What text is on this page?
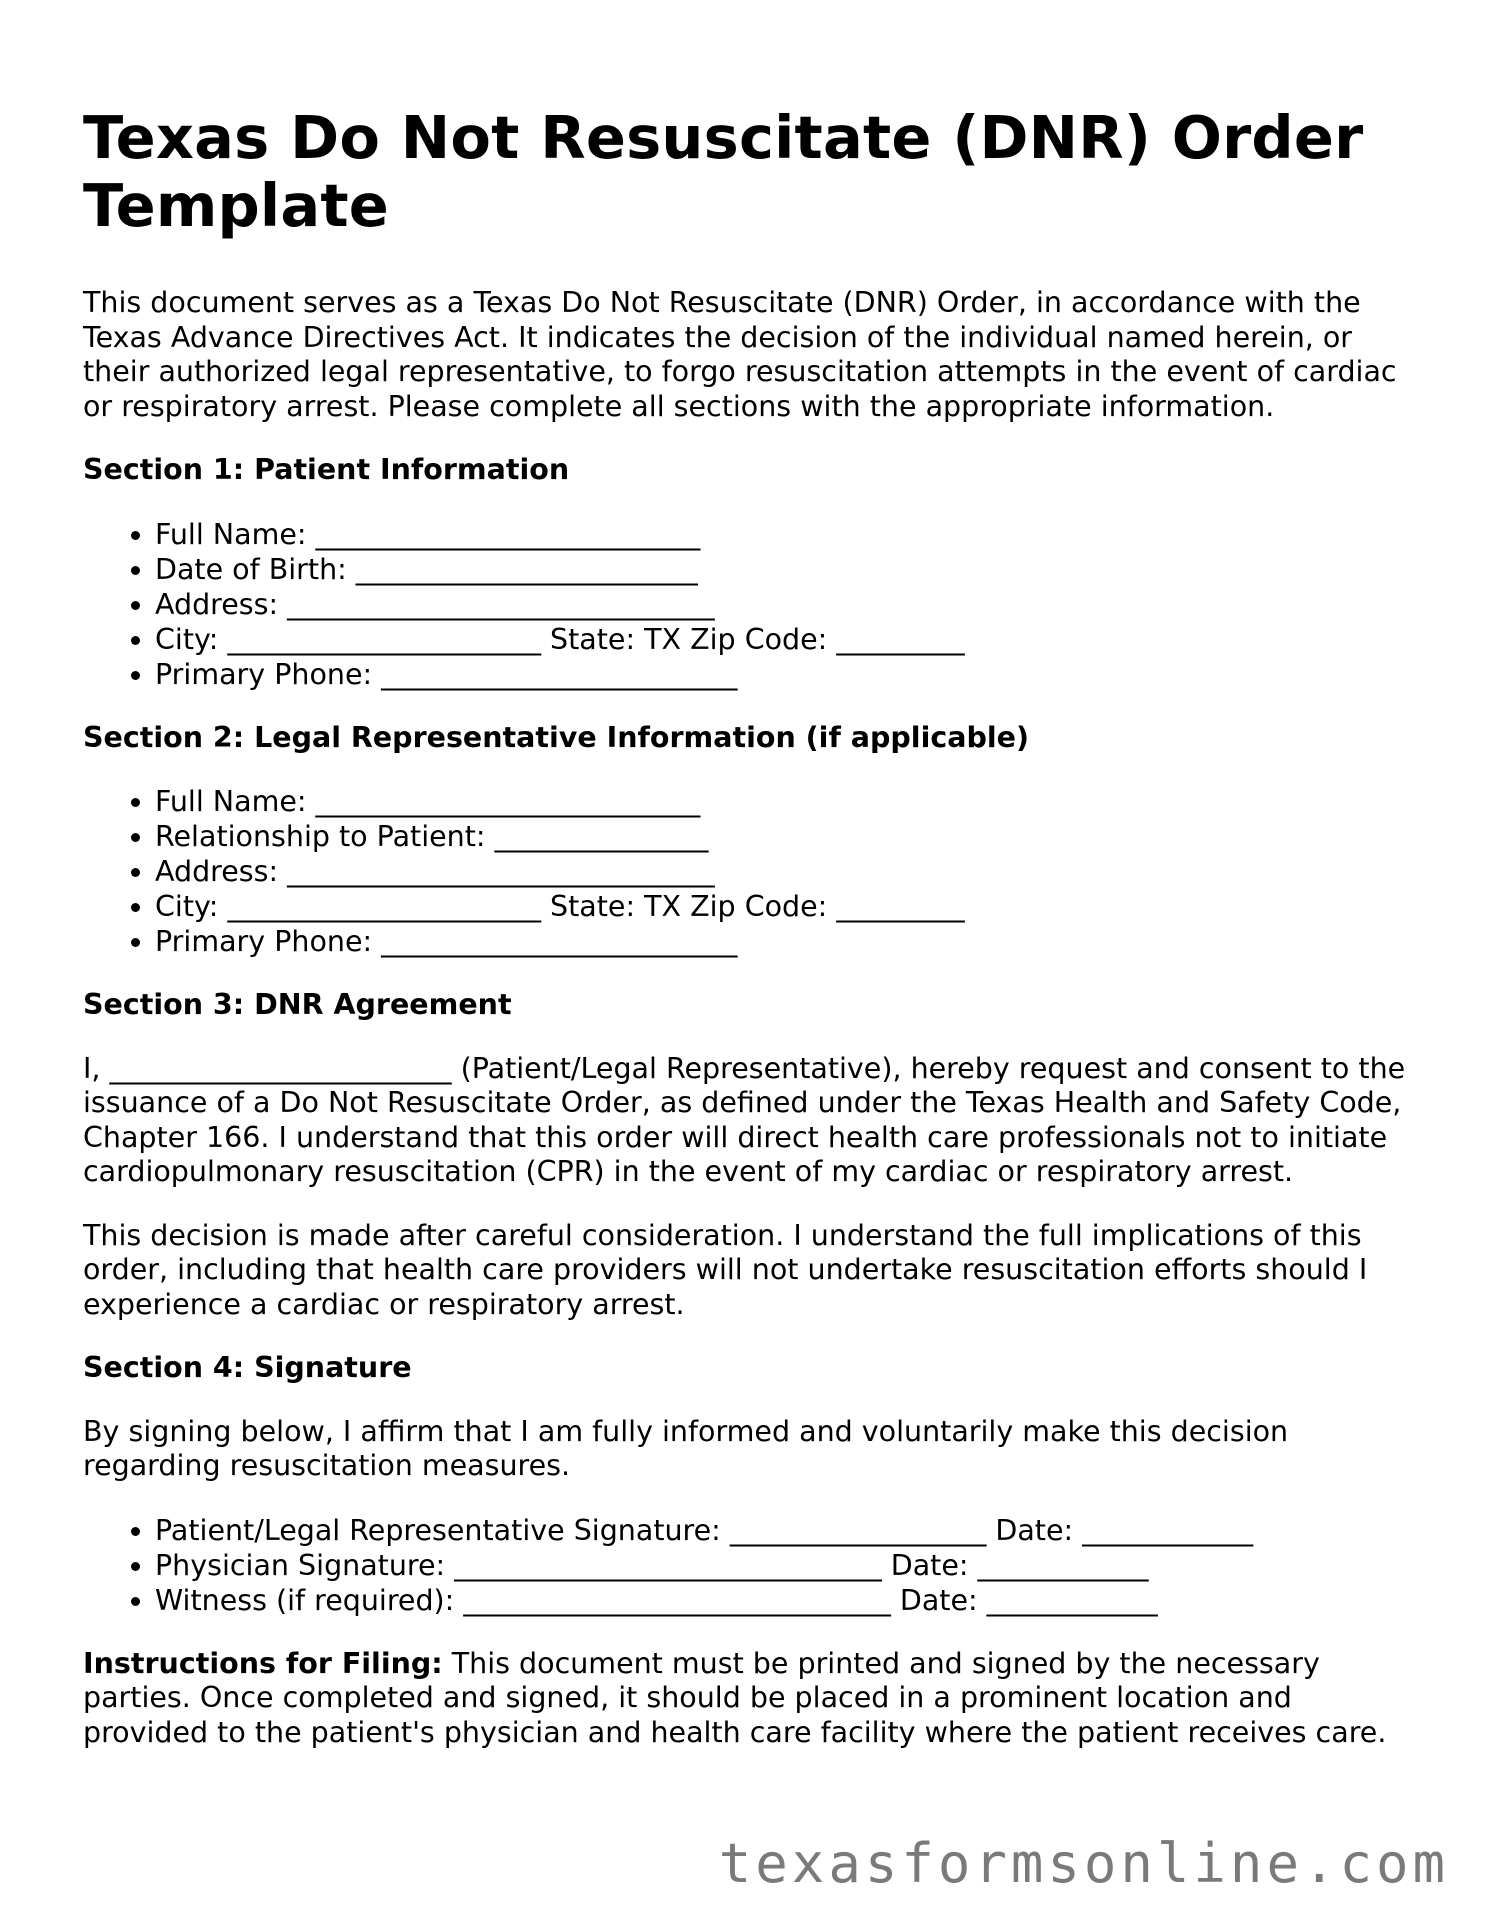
Texas Do Not Resuscitate (DNR) Order Template

This document serves as a Texas Do Not Resuscitate (DNR) Order, in accordance with the Texas Advance Directives Act. It indicates the decision of the individual named herein, or their authorized legal representative, to forgo resuscitation attempts in the event of cardiac or respiratory arrest. Please complete all sections with the appropriate information.

Section 1: Patient Information
• Full Name: ___________________________
• Date of Birth: ________________________
• Address: ______________________________
• City: ______________________ State: TX Zip Code: _________
• Primary Phone: _________________________
Section 2: Legal Representative Information (if applicable)
• Full Name: ___________________________
• Relationship to Patient: _______________
• Address: ______________________________
• City: ______________________ State: TX Zip Code: _________
• Primary Phone: _________________________
Section 3: DNR Agreement

I, ________________________ (Patient/Legal Representative), hereby request and consent to the issuance of a Do Not Resuscitate Order, as defined under the Texas Health and Safety Code, Chapter 166. I understand that this order will direct health care professionals not to initiate cardiopulmonary resuscitation (CPR) in the event of my cardiac or respiratory arrest.

This decision is made after careful consideration. I understand the full implications of this order, including that health care providers will not undertake resuscitation efforts should I experience a cardiac or respiratory arrest.

Section 4: Signature

By signing below, I affirm that I am fully informed and voluntarily make this decision regarding resuscitation measures.

• Patient/Legal Representative Signature: __________________ Date: ____________
• Physician Signature: ______________________________ Date: ____________
• Witness (if required): ______________________________ Date: ____________

Instructions for Filing: This document must be printed and signed by the necessary parties. Once completed and signed, it should be placed in a prominent location and provided to the patient's physician and health care facility where the patient receives care.

texasformsonline.com
